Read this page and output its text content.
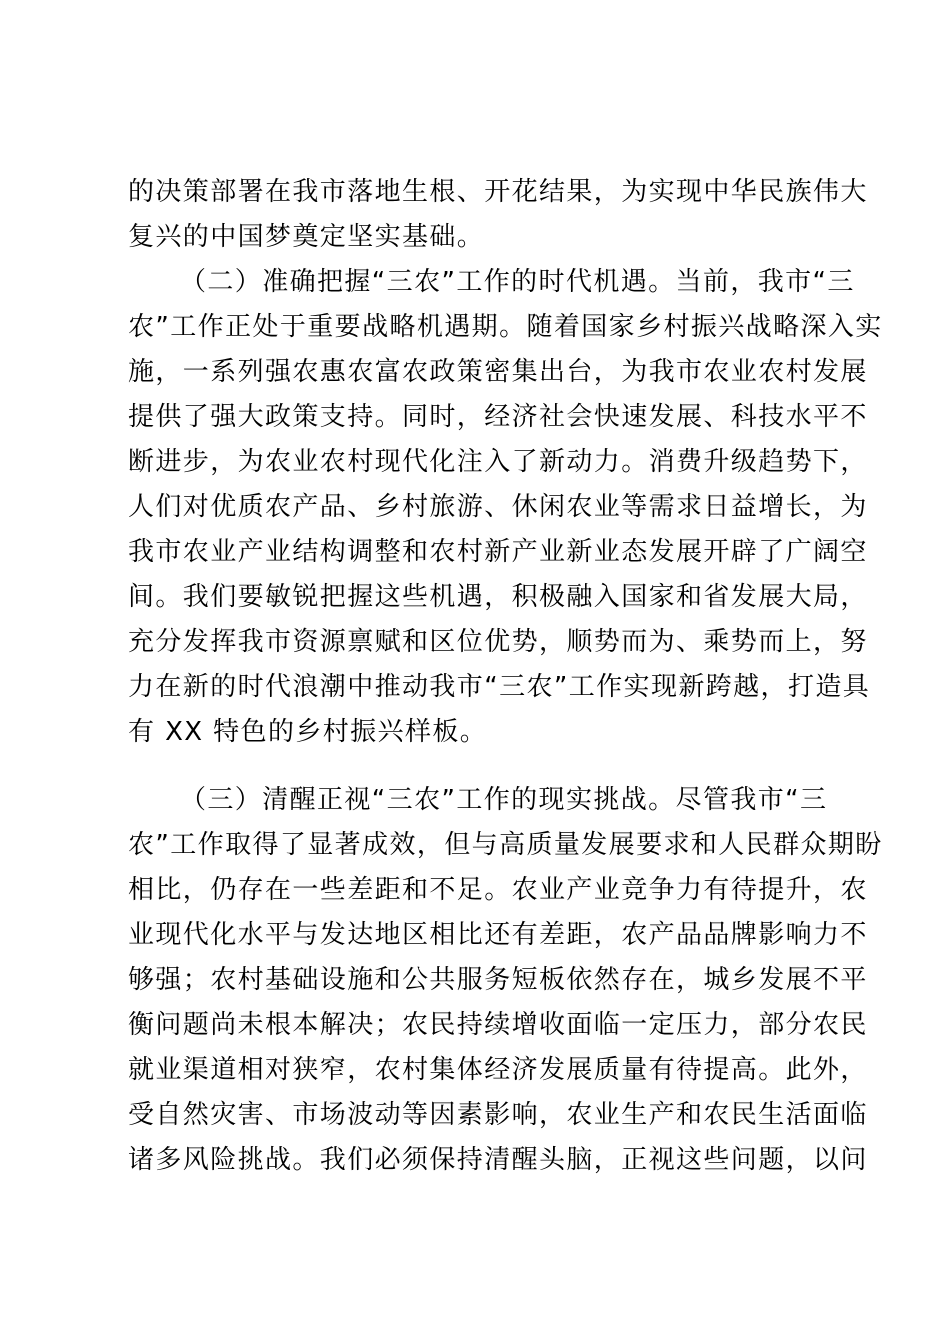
的决策部署在我市落地生根、开花结果，为实现中华民族伟大
复兴的中国梦奠定坚实基础。
（二）准确把握“三农”工作的时代机遇。当前，我市“三
农”工作正处于重要战略机遇期。随着国家乡村振兴战略深入实
施，一系列强农惠农富农政策密集出台，为我市农业农村发展
提供了强大政策支持。同时，经济社会快速发展、科技水平不
断进步，为农业农村现代化注入了新动力。消费升级趋势下，
人们对优质农产品、乡村旅游、休闲农业等需求日益增长，为
我市农业产业结构调整和农村新产业新业态发展开辟了广阔空
间。我们要敏锐把握这些机遇，积极融入国家和省发展大局，
充分发挥我市资源禀赋和区位优势，顺势而为、乘势而上，努
力在新的时代浪潮中推动我市“三农”工作实现新跨越，打造具
有 XX 特色的乡村振兴样板。
（三）清醒正视“三农”工作的现实挑战。尽管我市“三
农”工作取得了显著成效，但与高质量发展要求和人民群众期盼
相比，仍存在一些差距和不足。农业产业竞争力有待提升，农
业现代化水平与发达地区相比还有差距，农产品品牌影响力不
够强；农村基础设施和公共服务短板依然存在，城乡发展不平
衡问题尚未根本解决；农民持续增收面临一定压力，部分农民
就业渠道相对狭窄，农村集体经济发展质量有待提高。此外，
受自然灾害、市场波动等因素影响，农业生产和农民生活面临
诸多风险挑战。我们必须保持清醒头脑，正视这些问题，以问
